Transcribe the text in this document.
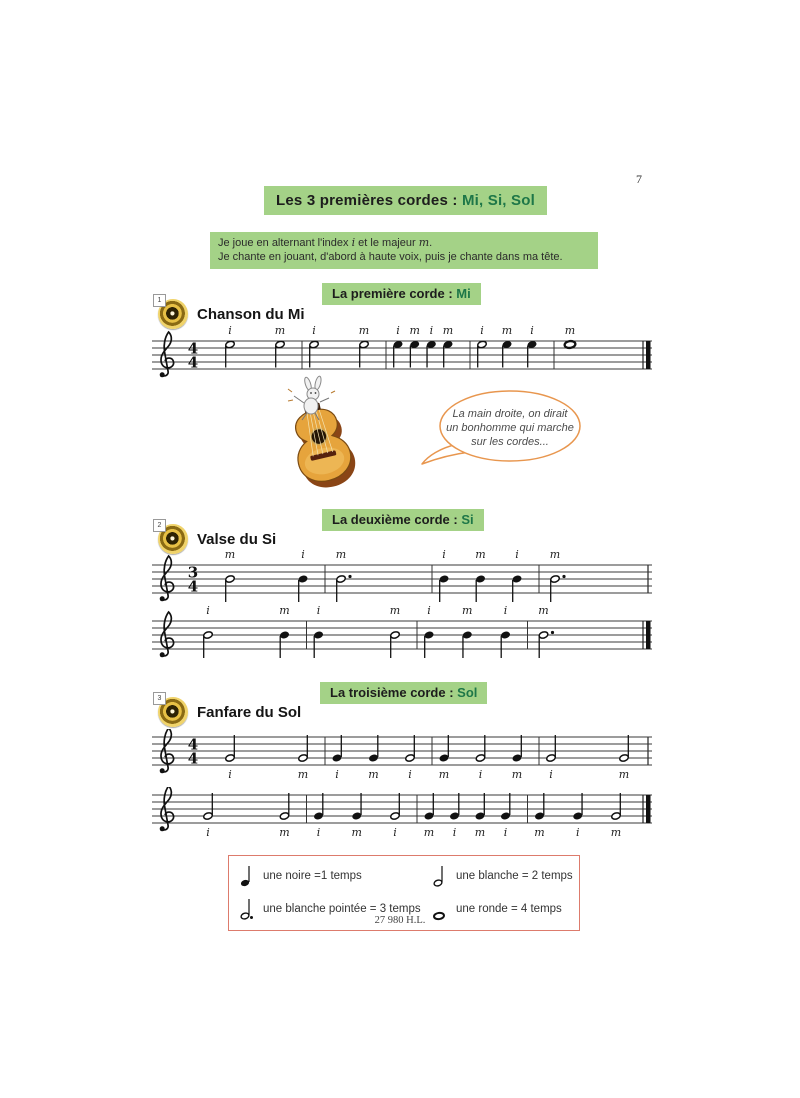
7
Les 3 premières cordes : Mi, Si, Sol
Je joue en alternant l'index i et le majeur m.
Je chante en jouant, d'abord à haute voix, puis je chante dans ma tête.
La première corde : Mi
1
Chanson du Mi
4
4
i	m i	m i m i m i m i	m
La main droite, on dirait
un bonhomme qui marche
sur les cordes...
La deuxième corde : Si
2
Valse du Si
3
4
m	i	m	i	m	i	m
i	m i	m i	m	i	m
La troisième corde : Sol
3
Fanfare du Sol
4
4
i	m i	m	i m	i	m i	m
i	m i	m	i m i m i m	i	m
une noire =1 temps	une blanche = 2 temps
une blanche pointée = 3 temps	une ronde = 4 temps
27 980 H.L.
